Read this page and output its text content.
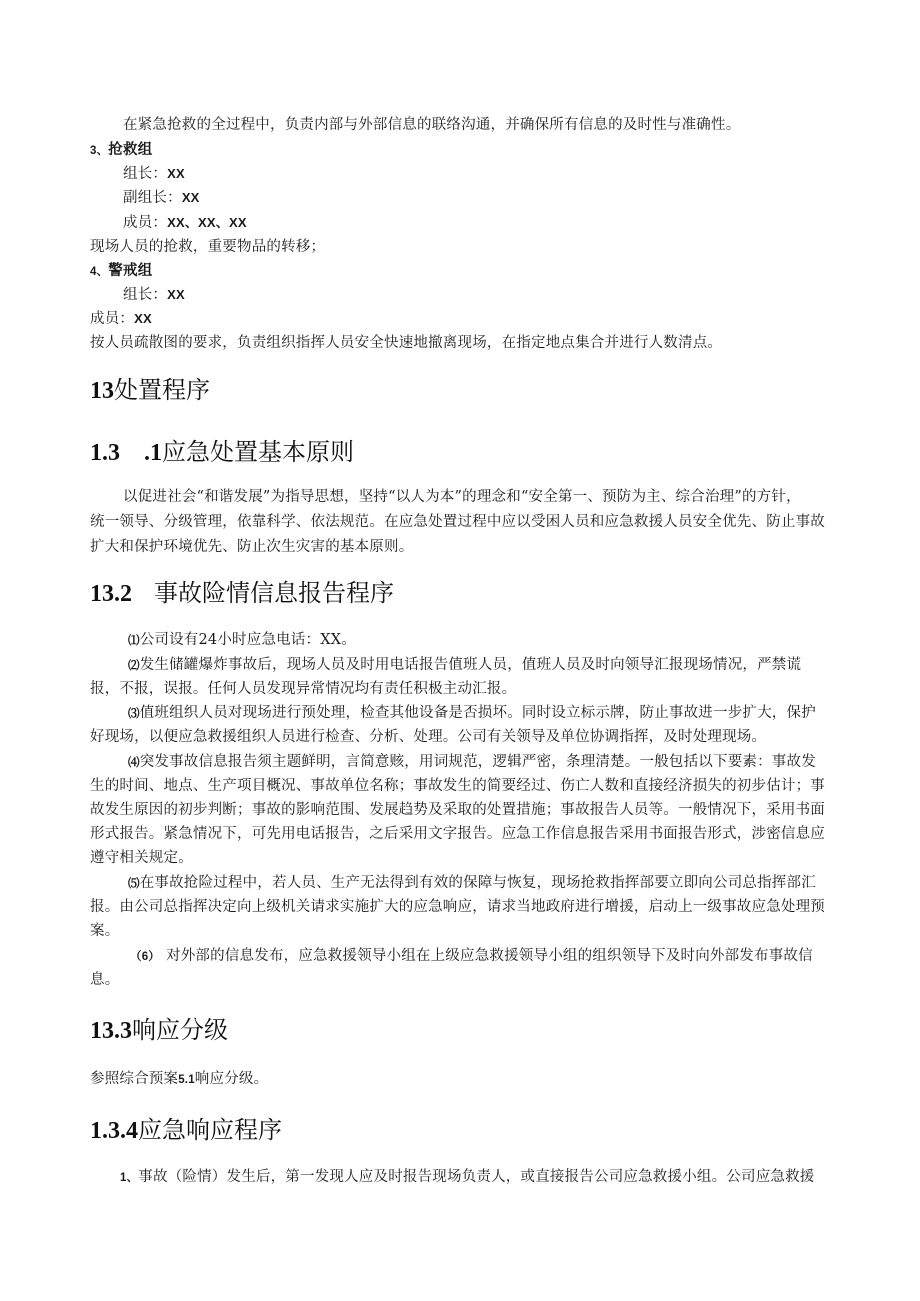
在紧急抢救的全过程中，负责内部与外部信息的联络沟通，并确保所有信息的及时性与准确性。
3、抢救组
组长：XX
副组长：XX
成员：XX、XX、XX
现场人员的抢救，重要物品的转移；
4、警戒组
组长：XX
成员：XX
按人员疏散图的要求，负责组织指挥人员安全快速地撤离现场，在指定地点集合并进行人数清点。
13处置程序
1.3　.1应急处置基本原则
以促进社会“和谐发展”为指导思想，坚持“以人为本”的理念和“安全第一、预防为主、综合治理”的方针，
统一领导、分级管理，依靠科学、依法规范。在应急处置过程中应以受困人员和应急救援人员安全优先、防止事故
扩大和保护环境优先、防止次生灾害的基本原则。
13.2 事故险情信息报告程序
⑴公司设有24小时应急电话：XX。
⑵发生储罐爆炸事故后，现场人员及时用电话报告值班人员，值班人员及时向领导汇报现场情况，严禁谎
报，不报，误报。任何人员发现异常情况均有责任积极主动汇报。
⑶值班组织人员对现场进行预处理，检查其他设备是否损坏。同时设立标示牌，防止事故进一步扩大，保护
好现场，以便应急救援组织人员进行检查、分析、处理。公司有关领导及单位协调指挥，及时处理现场。
⑷突发事故信息报告须主题鲜明，言简意赅，用词规范，逻辑严密，条理清楚。一般包括以下要素：事故发
生的时间、地点、生产项目概况、事故单位名称；事故发生的简要经过、伤亡人数和直接经济损失的初步估计；事
故发生原因的初步判断；事故的影响范围、发展趋势及采取的处置措施；事故报告人员等。一般情况下，采用书面
形式报告。紧急情况下，可先用电话报告，之后采用文字报告。应急工作信息报告采用书面报告形式，涉密信息应
遵守相关规定。
⑸在事故抢险过程中，若人员、生产无法得到有效的保障与恢复，现场抢救指挥部要立即向公司总指挥部汇
报。由公司总指挥决定向上级机关请求实施扩大的应急响应，请求当地政府进行增援，启动上一级事故应急处理预
案。
（6） 对外部的信息发布，应急救援领导小组在上级应急救援领导小组的组织领导下及时向外部发布事故信
息。
13.3响应分级
参照综合预案5.1响应分级。
1.3.4应急响应程序
1、事故（险情）发生后，第一发现人应及时报告现场负责人，或直接报告公司应急救援小组。公司应急救援
